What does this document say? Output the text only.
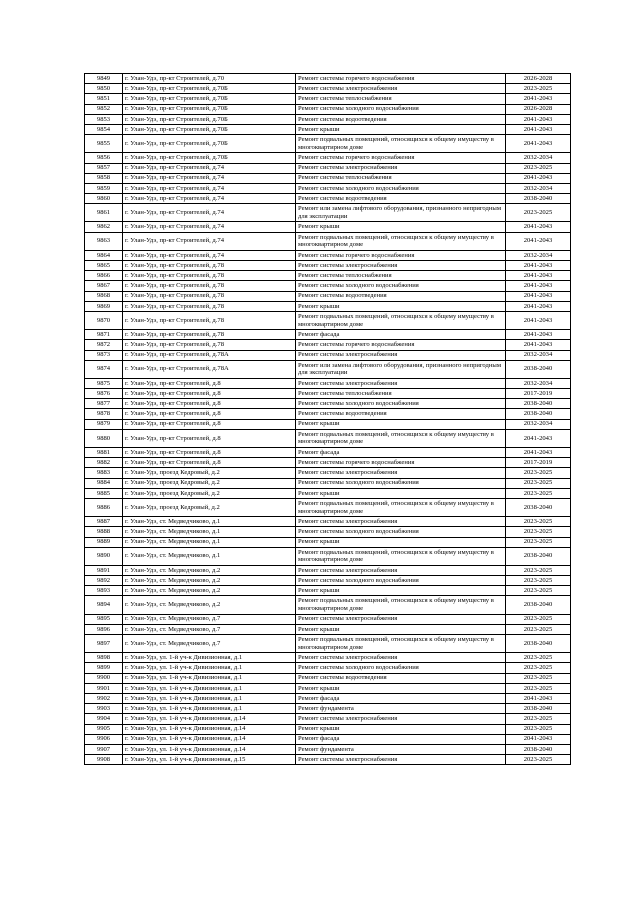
9849	г. Улан-Удэ, пр-кт Строителей, д.70	Ремонт системы горячего водоснабжения	2026-2028
9850	г. Улан-Удэ, пр-кт Строителей, д.70Б	Ремонт системы электроснабжения	2023-2025
9851	г. Улан-Удэ, пр-кт Строителей, д.70Б	Ремонт системы теплоснабжения	2041-2043
9852	г. Улан-Удэ, пр-кт Строителей, д.70Б	Ремонт системы холодного водоснабжения	2026-2028
9853	г. Улан-Удэ, пр-кт Строителей, д.70Б	Ремонт системы водоотведения	2041-2043
9854	г. Улан-Удэ, пр-кт Строителей, д.70Б	Ремонт крыши	2041-2043
9855	г. Улан-Удэ, пр-кт Строителей, д.70Б	Ремонт подвальных помещений, относящихся к общему имуществу в многоквартирном доме	2041-2043
9856	г. Улан-Удэ, пр-кт Строителей, д.70Б	Ремонт системы горячего водоснабжения	2032-2034
9857	г. Улан-Удэ, пр-кт Строителей, д.74	Ремонт системы электроснабжения	2023-2025
9858	г. Улан-Удэ, пр-кт Строителей, д.74	Ремонт системы теплоснабжения	2041-2043
9859	г. Улан-Удэ, пр-кт Строителей, д.74	Ремонт системы холодного водоснабжения	2032-2034
9860	г. Улан-Удэ, пр-кт Строителей, д.74	Ремонт системы водоотведения	2038-2040
9861	г. Улан-Удэ, пр-кт Строителей, д.74	Ремонт или замена лифтового оборудования, признанного непригодным для эксплуатации	2023-2025
9862	г. Улан-Удэ, пр-кт Строителей, д.74	Ремонт крыши	2041-2043
9863	г. Улан-Удэ, пр-кт Строителей, д.74	Ремонт подвальных помещений, относящихся к общему имуществу в многоквартирном доме	2041-2043
9864	г. Улан-Удэ, пр-кт Строителей, д.74	Ремонт системы горячего водоснабжения	2032-2034
9865	г. Улан-Удэ, пр-кт Строителей, д.78	Ремонт системы электроснабжения	2041-2043
9866	г. Улан-Удэ, пр-кт Строителей, д.78	Ремонт системы теплоснабжения	2041-2043
9867	г. Улан-Удэ, пр-кт Строителей, д.78	Ремонт системы холодного водоснабжения	2041-2043
9868	г. Улан-Удэ, пр-кт Строителей, д.78	Ремонт системы водоотведения	2041-2043
9869	г. Улан-Удэ, пр-кт Строителей, д.78	Ремонт крыши	2041-2043
9870	г. Улан-Удэ, пр-кт Строителей, д.78	Ремонт подвальных помещений, относящихся к общему имуществу в многоквартирном доме	2041-2043
9871	г. Улан-Удэ, пр-кт Строителей, д.78	Ремонт фасада	2041-2043
9872	г. Улан-Удэ, пр-кт Строителей, д.78	Ремонт системы горячего водоснабжения	2041-2043
9873	г. Улан-Удэ, пр-кт Строителей, д.78А	Ремонт системы электроснабжения	2032-2034
9874	г. Улан-Удэ, пр-кт Строителей, д.78А	Ремонт или замена лифтового оборудования, признанного непригодным для эксплуатации	2038-2040
9875	г. Улан-Удэ, пр-кт Строителей, д.8	Ремонт системы электроснабжения	2032-2034
9876	г. Улан-Удэ, пр-кт Строителей, д.8	Ремонт системы теплоснабжения	2017-2019
9877	г. Улан-Удэ, пр-кт Строителей, д.8	Ремонт системы холодного водоснабжения	2038-2040
9878	г. Улан-Удэ, пр-кт Строителей, д.8	Ремонт системы водоотведения	2038-2040
9879	г. Улан-Удэ, пр-кт Строителей, д.8	Ремонт крыши	2032-2034
9880	г. Улан-Удэ, пр-кт Строителей, д.8	Ремонт подвальных помещений, относящихся к общему имуществу в многоквартирном доме	2041-2043
9881	г. Улан-Удэ, пр-кт Строителей, д.8	Ремонт фасада	2041-2043
9882	г. Улан-Удэ, пр-кт Строителей, д.8	Ремонт системы горячего водоснабжения	2017-2019
9883	г. Улан-Удэ, проезд Кедровый, д.2	Ремонт системы электроснабжения	2023-2025
9884	г. Улан-Удэ, проезд Кедровый, д.2	Ремонт системы холодного водоснабжения	2023-2025
9885	г. Улан-Удэ, проезд Кедровый, д.2	Ремонт крыши	2023-2025
9886	г. Улан-Удэ, проезд Кедровый, д.2	Ремонт подвальных помещений, относящихся к общему имуществу в многоквартирном доме	2038-2040
9887	г. Улан-Удэ, ст. Медведчиково, д.1	Ремонт системы электроснабжения	2023-2025
9888	г. Улан-Удэ, ст. Медведчиково, д.1	Ремонт системы холодного водоснабжения	2023-2025
9889	г. Улан-Удэ, ст. Медведчиково, д.1	Ремонт крыши	2023-2025
9890	г. Улан-Удэ, ст. Медведчиково, д.1	Ремонт подвальных помещений, относящихся к общему имуществу в многоквартирном доме	2038-2040
9891	г. Улан-Удэ, ст. Медведчиково, д.2	Ремонт системы электроснабжения	2023-2025
9892	г. Улан-Удэ, ст. Медведчиково, д.2	Ремонт системы холодного водоснабжения	2023-2025
9893	г. Улан-Удэ, ст. Медведчиково, д.2	Ремонт крыши	2023-2025
9894	г. Улан-Удэ, ст. Медведчиково, д.2	Ремонт подвальных помещений, относящихся к общему имуществу в многоквартирном доме	2038-2040
9895	г. Улан-Удэ, ст. Медведчиково, д.7	Ремонт системы электроснабжения	2023-2025
9896	г. Улан-Удэ, ст. Медведчиково, д.7	Ремонт крыши	2023-2025
9897	г. Улан-Удэ, ст. Медведчиково, д.7	Ремонт подвальных помещений, относящихся к общему имуществу в многоквартирном доме	2038-2040
9898	г. Улан-Удэ, ул. 1-й уч-к Дивизионная, д.1	Ремонт системы электроснабжения	2023-2025
9899	г. Улан-Удэ, ул. 1-й уч-к Дивизионная, д.1	Ремонт системы холодного водоснабжения	2023-2025
9900	г. Улан-Удэ, ул. 1-й уч-к Дивизионная, д.1	Ремонт системы водоотведения	2023-2025
9901	г. Улан-Удэ, ул. 1-й уч-к Дивизионная, д.1	Ремонт крыши	2023-2025
9902	г. Улан-Удэ, ул. 1-й уч-к Дивизионная, д.1	Ремонт фасада	2041-2043
9903	г. Улан-Удэ, ул. 1-й уч-к Дивизионная, д.1	Ремонт фундамента	2038-2040
9904	г. Улан-Удэ, ул. 1-й уч-к Дивизионная, д.14	Ремонт системы электроснабжения	2023-2025
9905	г. Улан-Удэ, ул. 1-й уч-к Дивизионная, д.14	Ремонт крыши	2023-2025
9906	г. Улан-Удэ, ул. 1-й уч-к Дивизионная, д.14	Ремонт фасада	2041-2043
9907	г. Улан-Удэ, ул. 1-й уч-к Дивизионная, д.14	Ремонт фундамента	2038-2040
9908	г. Улан-Удэ, ул. 1-й уч-к Дивизионная, д.15	Ремонт системы электроснабжения	2023-2025
